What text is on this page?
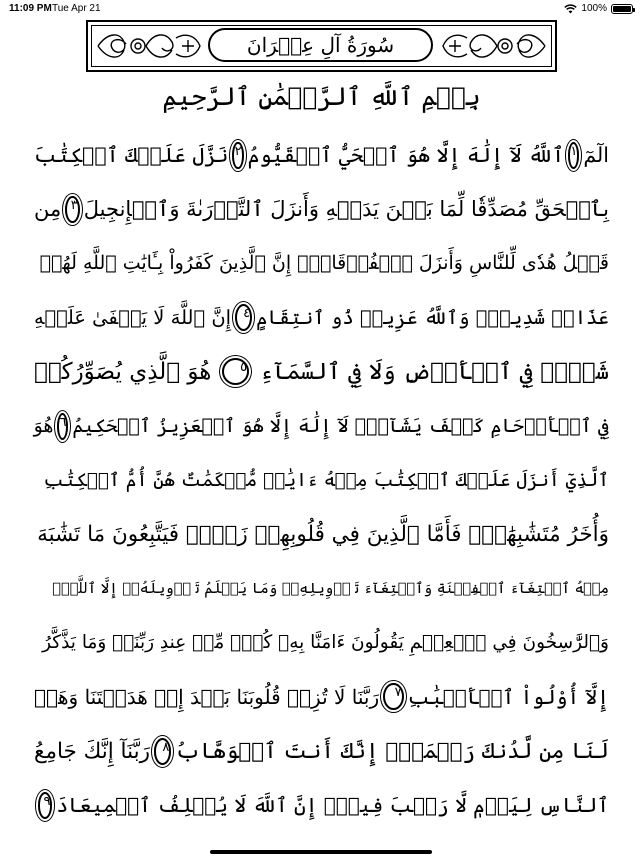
11:09 PM Tue Apr 21	100%
سُورَةُ آلِ عِمۡرَانَ
بِسۡمِ ٱللَّهِ ٱلرَّحۡمَٰنِ ٱلرَّحِيمِ
الٓمٓ
١
ٱللَّهُ لَآ إِلَٰهَ إِلَّا هُوَ ٱلۡحَيُّ ٱلۡقَيُّومُ
٢
نَزَّلَ عَلَيۡكَ ٱلۡكِتَٰبَ
بِٱلۡحَقِّ مُصَدِّقٗا لِّمَا بَيۡنَ يَدَيۡهِ وَأَنزَلَ ٱلتَّوۡرَىٰةَ وَٱلۡإِنجِيلَ
٣
مِن
قَبۡلُ هُدٗى لِّلنَّاسِ وَأَنزَلَ ٱلۡفُرۡقَانَۗ إِنَّ ٱلَّذِينَ كَفَرُواْ بِـَٔايَٰتِ ٱللَّهِ لَهُمۡ
عَذَابٞ شَدِيدٞۗ وَٱللَّهُ عَزِيزٞ ذُو ٱنتِقَامٍ
٤
إِنَّ ٱللَّهَ لَا يَخۡفَىٰ عَلَيۡهِ
شَيۡءٞ فِي ٱلۡأَرۡضِ وَلَا فِي ٱلسَّمَآءِ
٥
هُوَ ٱلَّذِي يُصَوِّرُكُمۡ
فِي ٱلۡأَرۡحَامِ كَيۡفَ يَشَآءُۚ لَآ إِلَٰهَ إِلَّا هُوَ ٱلۡعَزِيزُ ٱلۡحَكِيمُ
٦
هُوَ
ٱلَّذِيٓ أَنزَلَ عَلَيۡكَ ٱلۡكِتَٰبَ مِنۡهُ ءَايَٰتٞ مُّحۡكَمَٰتٌ هُنَّ أُمُّ ٱلۡكِتَٰبِ
وَأُخَرُ مُتَشَٰبِهَٰتٞۖ فَأَمَّا ٱلَّذِينَ فِي قُلُوبِهِمۡ زَيۡغٞ فَيَتَّبِعُونَ مَا تَشَٰبَهَ
مِنۡهُ ٱبۡتِغَآءَ ٱلۡفِتۡنَةِ وَٱبۡتِغَآءَ تَأۡوِيلِهِۦۖ وَمَا يَعۡلَمُ تَأۡوِيلَهُۥٓ إِلَّا ٱللَّهُۗ
وَٱلرَّٰسِخُونَ فِي ٱلۡعِلۡمِ يَقُولُونَ ءَامَنَّا بِهِۦ كُلّٞ مِّنۡ عِندِ رَبِّنَاۗ وَمَا يَذَّكَّرُ
إِلَّآ أُوْلُواْ ٱلۡأَلۡبَٰبِ
٧
رَبَّنَا لَا تُزِغۡ قُلُوبَنَا بَعۡدَ إِذۡ هَدَيۡتَنَا وَهَبۡ
لَنَا مِن لَّدُنكَ رَحۡمَةًۚ إِنَّكَ أَنتَ ٱلۡوَهَّابُ
٨
رَبَّنَآ إِنَّكَ جَامِعُ
ٱلنَّاسِ لِيَوۡمٖ لَّا رَيۡبَ فِيهِۚ إِنَّ ٱللَّهَ لَا يُخۡلِفُ ٱلۡمِيعَادَ
٩
